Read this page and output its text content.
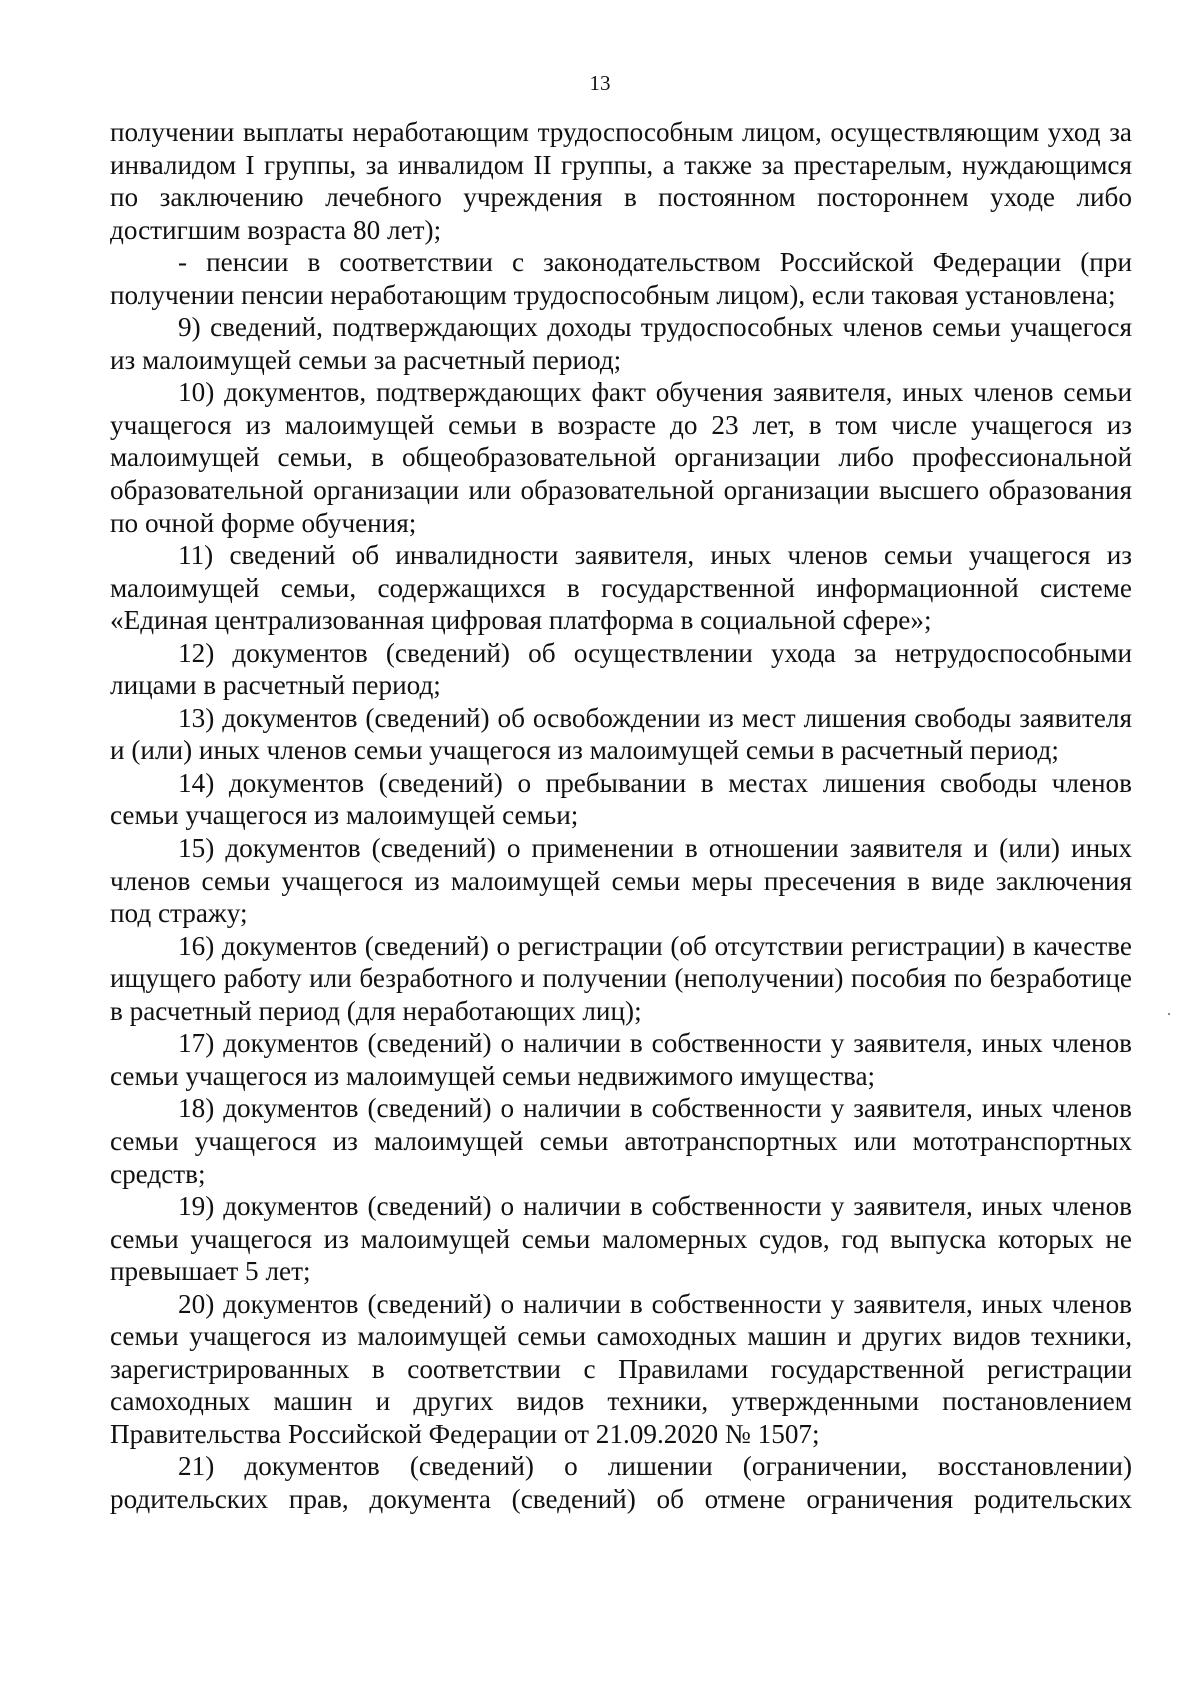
13

получении выплаты неработающим трудоспособным лицом, осуществляющим уход за инвалидом I группы, за инвалидом II группы, а также за престарелым, нуждающимся по заключению лечебного учреждения в постоянном постороннем уходе либо достигшим возраста 80 лет);

- пенсии в соответствии с законодательством Российской Федерации (при получении пенсии неработающим трудоспособным лицом), если таковая установлена;

9) сведений, подтверждающих доходы трудоспособных членов семьи учащегося из малоимущей семьи за расчетный период;

10) документов, подтверждающих факт обучения заявителя, иных членов семьи учащегося из малоимущей семьи в возрасте до 23 лет, в том числе учащегося из малоимущей семьи, в общеобразовательной организации либо профессиональной образовательной организации или образовательной организации высшего образования по очной форме обучения;

11) сведений об инвалидности заявителя, иных членов семьи учащегося из малоимущей семьи, содержащихся в государственной информационной системе «Единая централизованная цифровая платформа в социальной сфере»;

12) документов (сведений) об осуществлении ухода за нетрудоспособными лицами в расчетный период;

13) документов (сведений) об освобождении из мест лишения свободы заявителя и (или) иных членов семьи учащегося из малоимущей семьи в расчетный период;

14) документов (сведений) о пребывании в местах лишения свободы членов семьи учащегося из малоимущей семьи;

15) документов (сведений) о применении в отношении заявителя и (или) иных членов семьи учащегося из малоимущей семьи меры пресечения в виде заключения под стражу;

16) документов (сведений) о регистрации (об отсутствии регистрации) в качестве ищущего работу или безработного и получении (неполучении) пособия по безработице в расчетный период (для неработающих лиц);

17) документов (сведений) о наличии в собственности у заявителя, иных членов семьи учащегося из малоимущей семьи недвижимого имущества;

18) документов (сведений) о наличии в собственности у заявителя, иных членов семьи учащегося из малоимущей семьи автотранспортных или мототранспортных средств;

19) документов (сведений) о наличии в собственности у заявителя, иных членов семьи учащегося из малоимущей семьи маломерных судов, год выпуска которых не превышает 5 лет;

20) документов (сведений) о наличии в собственности у заявителя, иных членов семьи учащегося из малоимущей семьи самоходных машин и других видов техники, зарегистрированных в соответствии с Правилами государственной регистрации самоходных машин и других видов техники, утвержденными постановлением Правительства Российской Федерации от 21.09.2020 № 1507;

21) документов (сведений) о лишении (ограничении, восстановлении) родительских прав, документа (сведений) об отмене ограничения родительских
